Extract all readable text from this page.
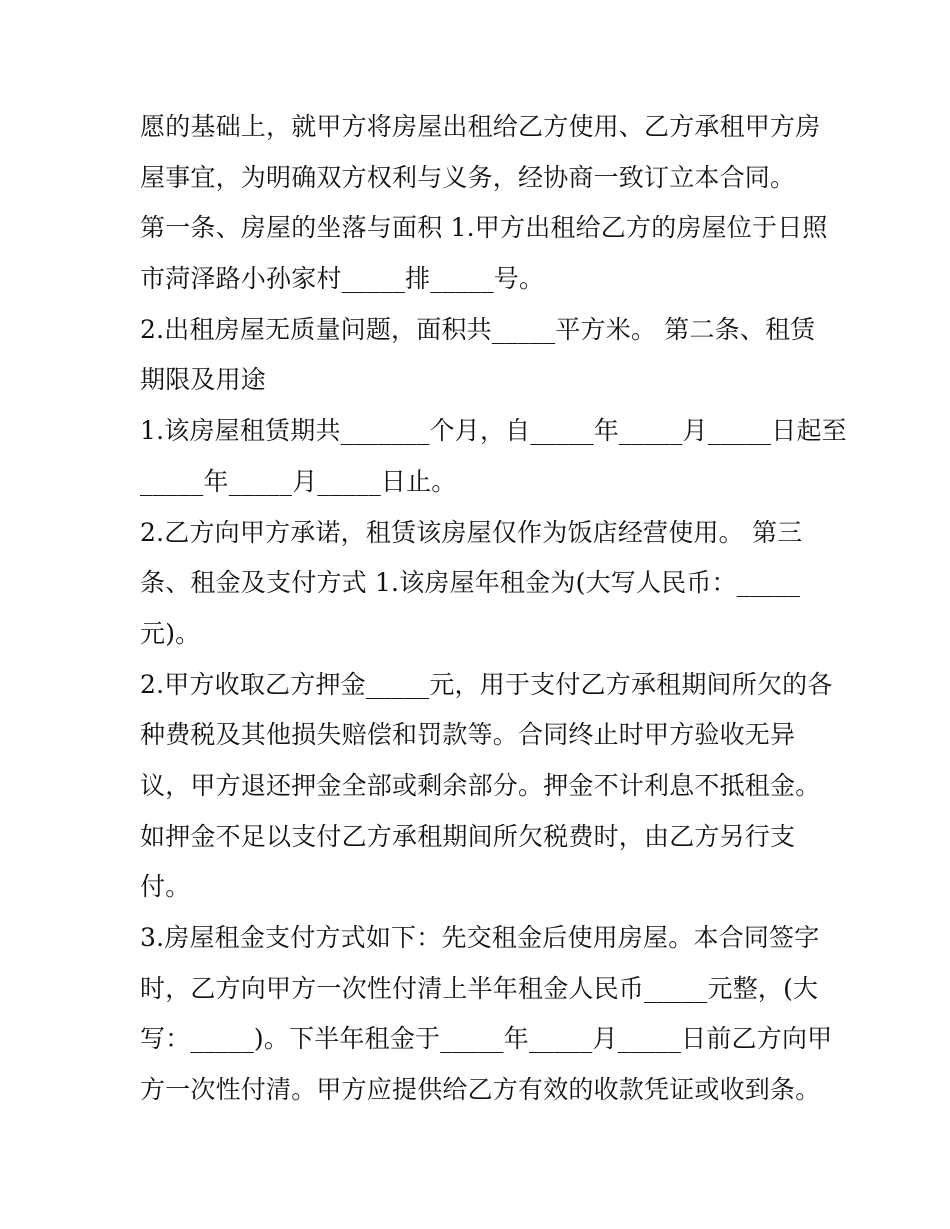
愿的基础上，就甲方将房屋出租给乙方使用、乙方承租甲方房
屋事宜，为明确双方权利与义务，经协商一致订立本合同。
第一条、房屋的坐落与面积 1.甲方出租给乙方的房屋位于日照
市菏泽路小孙家村_____排_____号。
2.出租房屋无质量问题，面积共_____平方米。 第二条、租赁
期限及用途
1.该房屋租赁期共_______个月，自_____年_____月_____日起至
_____年_____月_____日止。
2.乙方向甲方承诺，租赁该房屋仅作为饭店经营使用。 第三
条、租金及支付方式 1.该房屋年租金为(大写人民币：_____
元)。
2.甲方收取乙方押金_____元，用于支付乙方承租期间所欠的各
种费税及其他损失赔偿和罚款等。合同终止时甲方验收无异
议，甲方退还押金全部或剩余部分。押金不计利息不抵租金。
如押金不足以支付乙方承租期间所欠税费时，由乙方另行支
付。
3.房屋租金支付方式如下：先交租金后使用房屋。本合同签字
时，乙方向甲方一次性付清上半年租金人民币_____元整，(大
写：_____)。下半年租金于_____年_____月_____日前乙方向甲
方一次性付清。甲方应提供给乙方有效的收款凭证或收到条。
